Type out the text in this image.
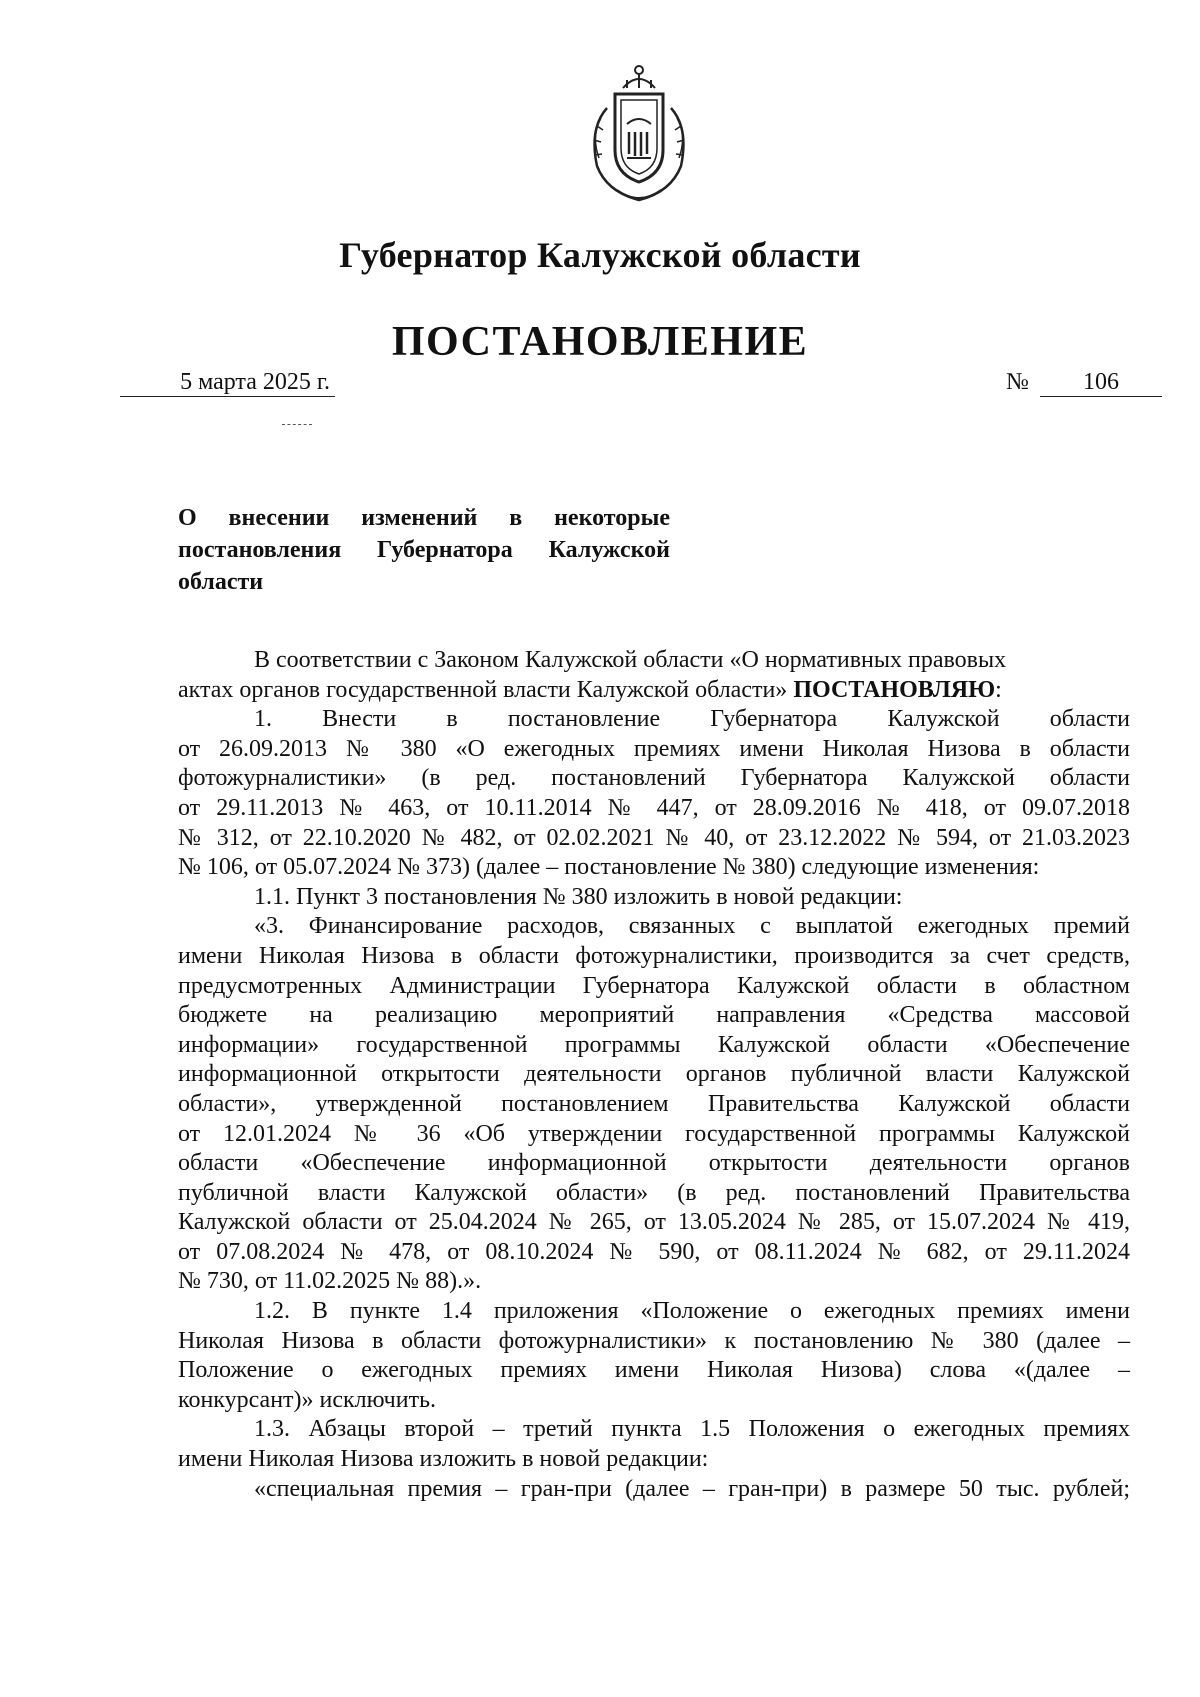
Губернатор Калужской области
ПОСТАНОВЛЕНИЕ
5 марта 2025 г.	№	106
О внесении изменений в некоторые
постановления Губернатора Калужской
области
В соответствии с Законом Калужской области «О нормативных правовых
актах органов государственной власти Калужской области» ПОСТАНОВЛЯЮ:
1. Внести в постановление Губернатора Калужской области
от 26.09.2013 № 380 «О ежегодных премиях имени Николая Низова в области
фотожурналистики» (в ред. постановлений Губернатора Калужской области
от 29.11.2013 № 463, от 10.11.2014 № 447, от 28.09.2016 № 418, от 09.07.2018
№ 312, от 22.10.2020 № 482, от 02.02.2021 № 40, от 23.12.2022 № 594, от 21.03.2023
№ 106, от 05.07.2024 № 373) (далее – постановление № 380) следующие изменения:
1.1. Пункт 3 постановления № 380 изложить в новой редакции:
«3. Финансирование расходов, связанных с выплатой ежегодных премий
имени Николая Низова в области фотожурналистики, производится за счет средств,
предусмотренных Администрации Губернатора Калужской области в областном
бюджете на реализацию мероприятий направления «Средства массовой
информации» государственной программы Калужской области «Обеспечение
информационной открытости деятельности органов публичной власти Калужской
области», утвержденной постановлением Правительства Калужской области
от 12.01.2024 № 36 «Об утверждении государственной программы Калужской
области «Обеспечение информационной открытости деятельности органов
публичной власти Калужской области» (в ред. постановлений Правительства
Калужской области от 25.04.2024 № 265, от 13.05.2024 № 285, от 15.07.2024 № 419,
от 07.08.2024 № 478, от 08.10.2024 № 590, от 08.11.2024 № 682, от 29.11.2024
№ 730, от 11.02.2025 № 88).».
1.2. В пункте 1.4 приложения «Положение о ежегодных премиях имени
Николая Низова в области фотожурналистики» к постановлению № 380 (далее –
Положение о ежегодных премиях имени Николая Низова) слова «(далее –
конкурсант)» исключить.
1.3. Абзацы второй – третий пункта 1.5 Положения о ежегодных премиях
имени Николая Низова изложить в новой редакции:
«специальная премия – гран-при (далее – гран-при) в размере 50 тыс. рублей;
